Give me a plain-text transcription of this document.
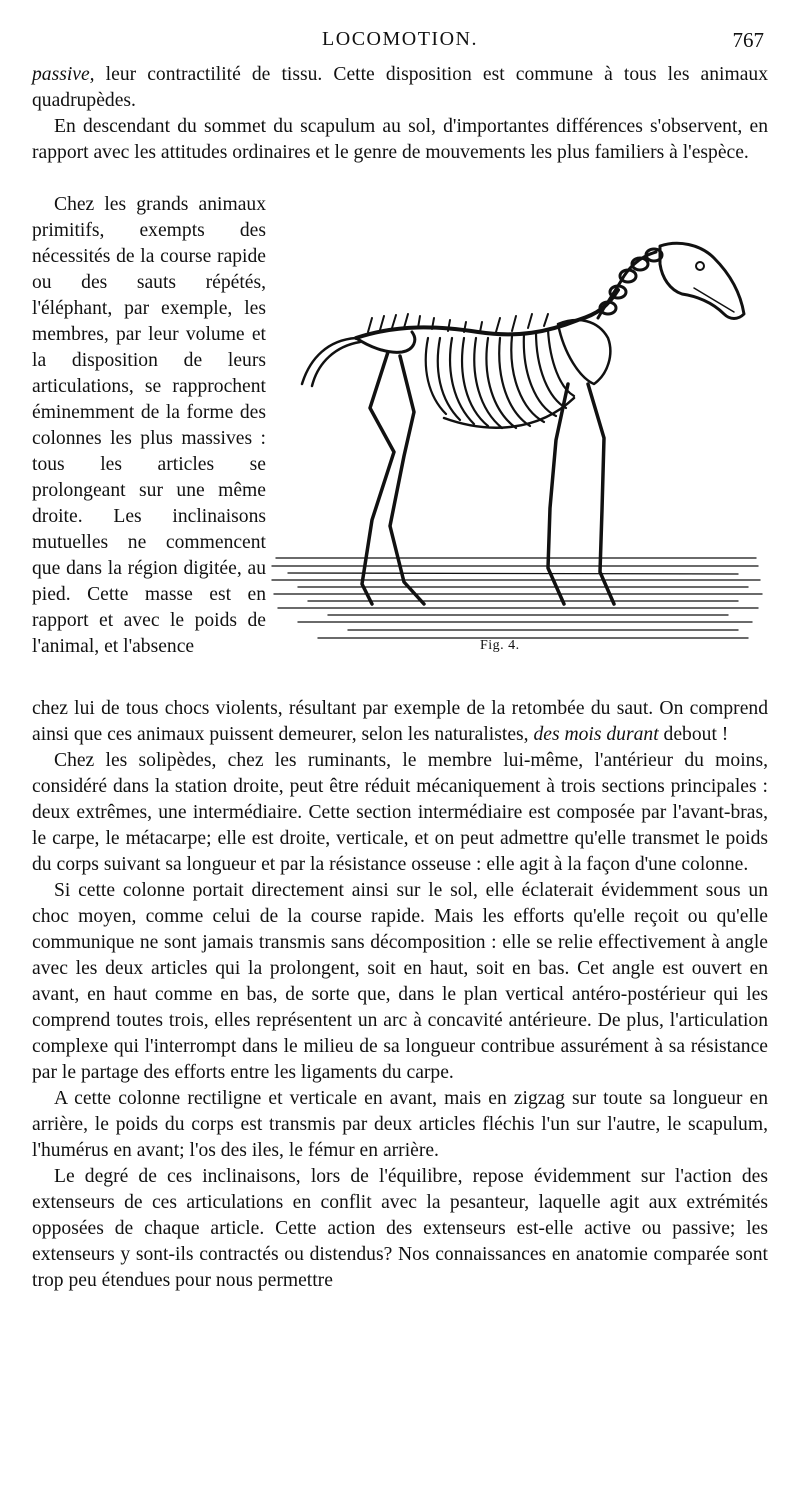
LOCOMOTION.	767

passive, leur contractilité de tissu. Cette disposition est commune à tous les animaux quadrupèdes.

En descendant du sommet du scapulum au sol, d'importantes différences s'observent, en rapport avec les attitudes ordinaires et le genre de mouvements les plus familiers à l'espèce.

Chez les grands animaux primitifs, exempts des nécessités de la course rapide ou des sauts répétés, l'éléphant, par exemple, les membres, par leur volume et la disposition de leurs articulations, se rapprochent éminemment de la forme des colonnes les plus massives : tous les articles se prolongeant sur une même droite. Les inclinaisons mutuelles ne commencent que dans la région digitée, au pied. Cette masse est en rapport et avec le poids de l'animal, et l'absence	Fig. 4.

chez lui de tous chocs violents, résultant par exemple de la retombée du saut. On comprend ainsi que ces animaux puissent demeurer, selon les naturalistes, des mois durant debout !

Chez les solipèdes, chez les ruminants, le membre lui-même, l'antérieur du moins, considéré dans la station droite, peut être réduit mécaniquement à trois sections principales : deux extrêmes, une intermédiaire. Cette section intermédiaire est composée par l'avant-bras, le carpe, le métacarpe; elle est droite, verticale, et on peut admettre qu'elle transmet le poids du corps suivant sa longueur et par la résistance osseuse : elle agit à la façon d'une colonne.

Si cette colonne portait directement ainsi sur le sol, elle éclaterait évidemment sous un choc moyen, comme celui de la course rapide. Mais les efforts qu'elle reçoit ou qu'elle communique ne sont jamais transmis sans décomposition : elle se relie effectivement à angle avec les deux articles qui la prolongent, soit en haut, soit en bas. Cet angle est ouvert en avant, en haut comme en bas, de sorte que, dans le plan vertical antéro-postérieur qui les comprend toutes trois, elles représentent un arc à concavité antérieure. De plus, l'articulation complexe qui l'interrompt dans le milieu de sa longueur contribue assurément à sa résistance par le partage des efforts entre les ligaments du carpe.

A cette colonne rectiligne et verticale en avant, mais en zigzag sur toute sa longueur en arrière, le poids du corps est transmis par deux articles fléchis l'un sur l'autre, le scapulum, l'humérus en avant; l'os des iles, le fémur en arrière.

Le degré de ces inclinaisons, lors de l'équilibre, repose évidemment sur l'action des extenseurs de ces articulations en conflit avec la pesanteur, laquelle agit aux extrémités opposées de chaque article. Cette action des extenseurs est-elle active ou passive; les extenseurs y sont-ils contractés ou distendus? Nos connaissances en anatomie comparée sont trop peu étendues pour nous permettre
